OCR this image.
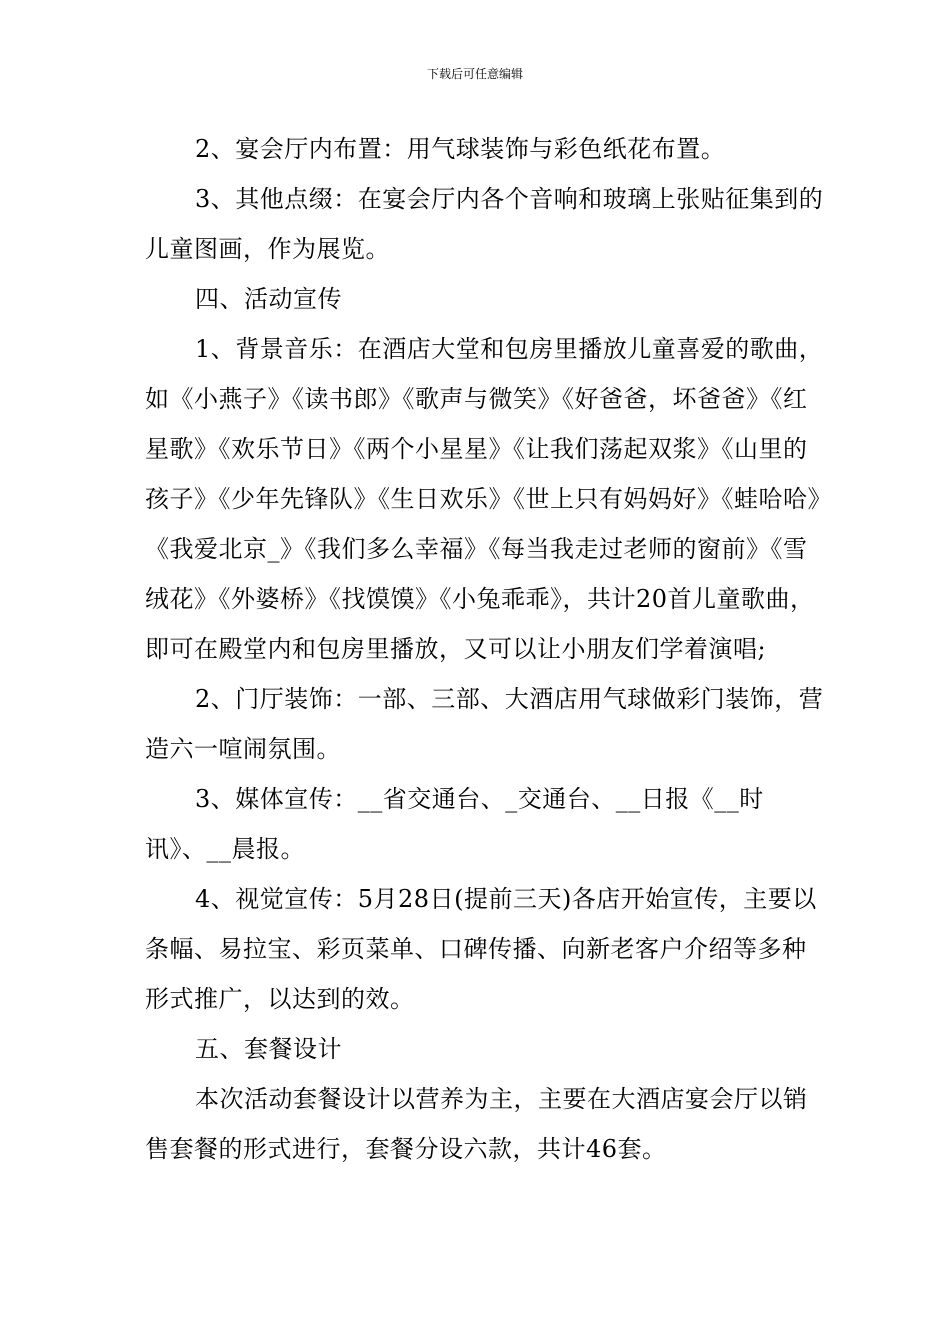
下载后可任意编辑

2、宴会厅内布置：用气球装饰与彩色纸花布置。

3、其他点缀：在宴会厅内各个音响和玻璃上张贴征集到的儿童图画，作为展览。

四、活动宣传

1、背景音乐：在酒店大堂和包房里播放儿童喜爱的歌曲，如《小燕子》《读书郎》《歌声与微笑》《好爸爸，坏爸爸》《红星歌》《欢乐节日》《两个小星星》《让我们荡起双浆》《山里的孩子》《少年先锋队》《生日欢乐》《世上只有妈妈好》《蛙哈哈》《我爱北京_》《我们多么幸福》《每当我走过老师的窗前》《雪绒花》《外婆桥》《找馍馍》《小兔乖乖》，共计20首儿童歌曲，即可在殿堂内和包房里播放，又可以让小朋友们学着演唱;

2、门厅装饰：一部、三部、大酒店用气球做彩门装饰，营造六一喧闹氛围。

3、媒体宣传：__省交通台、_交通台、__日报《__时讯》、__晨报。

4、视觉宣传：5月28日(提前三天)各店开始宣传，主要以条幅、易拉宝、彩页菜单、口碑传播、向新老客户介绍等多种形式推广，以达到的效。

五、套餐设计

本次活动套餐设计以营养为主，主要在大酒店宴会厅以销售套餐的形式进行，套餐分设六款，共计46套。
